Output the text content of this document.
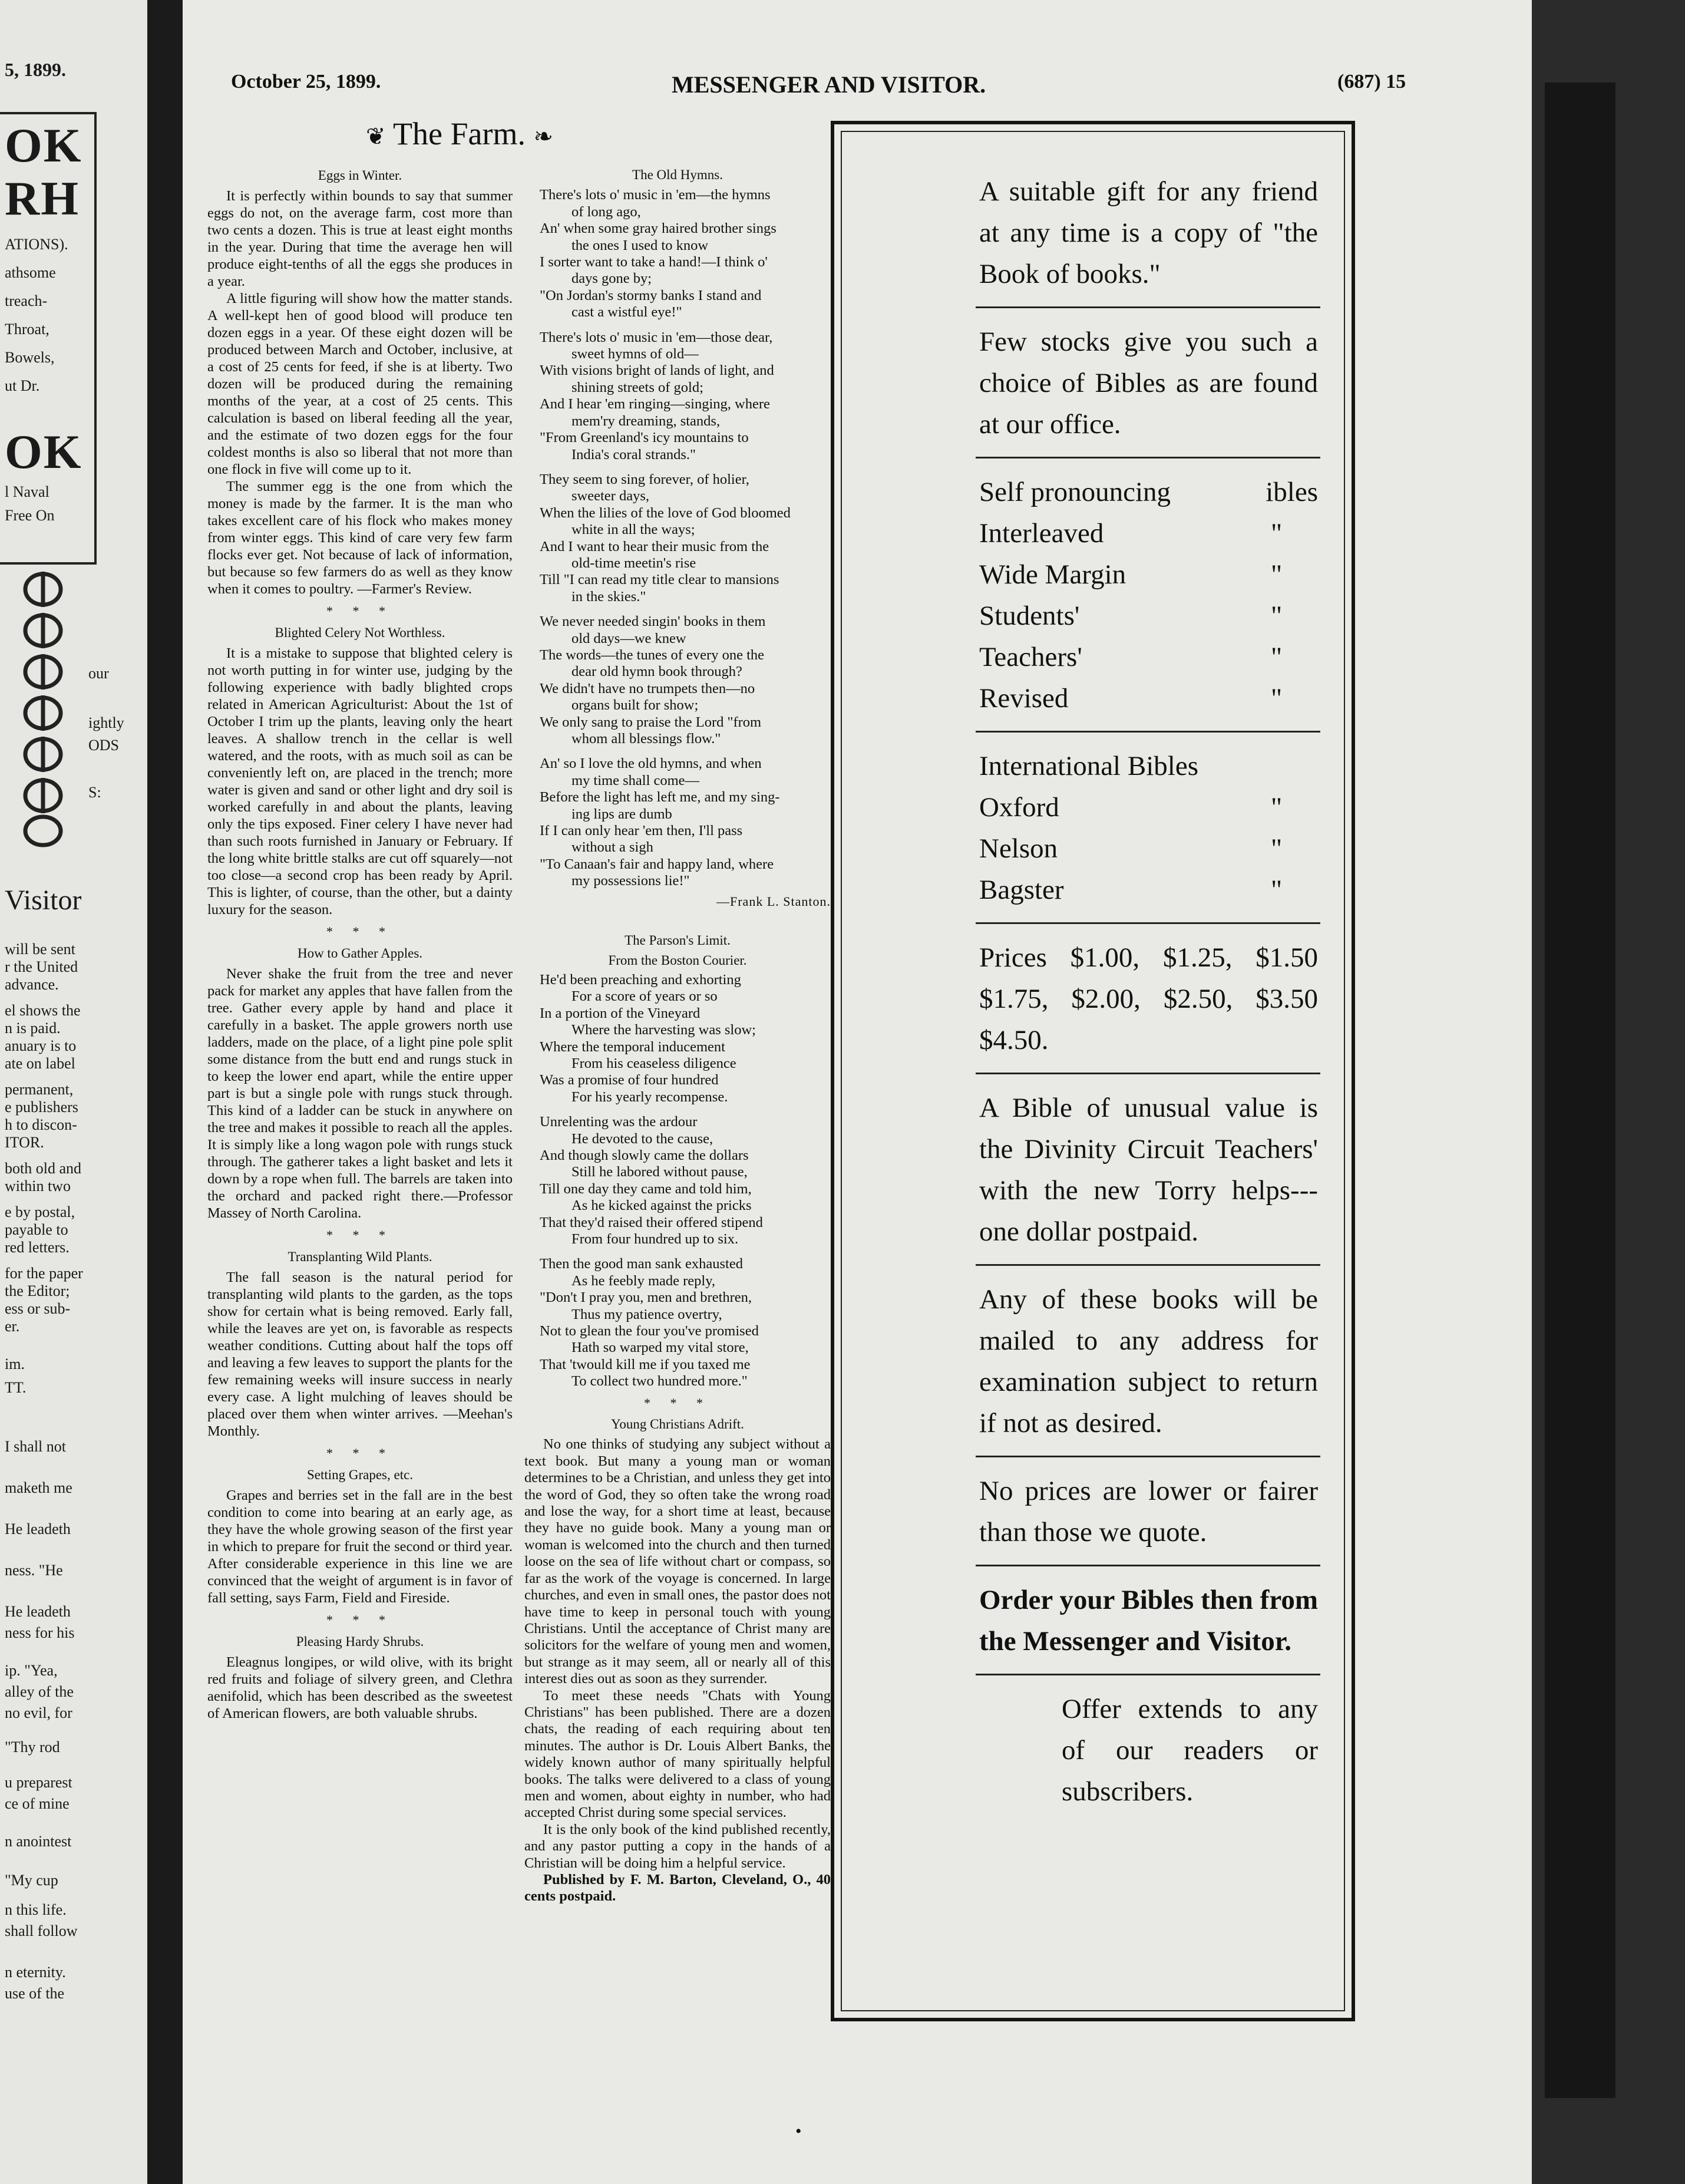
5, 1899.
OK
RH
ATIONS).
athsome
treach-
Throat,
Bowels,
ut Dr.
OK
l Naval
Free On
our
ightly
ODS
S:
Visitor
will be sent
r the United
advance.
el shows the
n is paid.
anuary is to
ate on label
permanent,
e publishers
h to discon-
ITOR.
both old and
within two
e by postal,
payable to
red letters.
for the paper
the Editor;
ess or sub-
er.
im.
TT.
I shall not
maketh me
He leadeth
ness. "He
He leadeth
ness for his
ip. "Yea,
alley of the
no evil, for
"Thy rod
u preparest
ce of mine
n anointest
"My cup
n this life.
shall follow
n eternity.
use of the
October 25, 1899.	MESSENGER AND VISITOR.	(687) 15
❦ The Farm. ❧
Eggs in Winter.

It is perfectly within bounds to say that summer eggs do not, on the average farm, cost more than two cents a dozen. This is true at least eight months in the year. During that time the average hen will produce eight-tenths of all the eggs she produces in a year.

A little figuring will show how the matter stands. A well-kept hen of good blood will produce ten dozen eggs in a year. Of these eight dozen will be produced between March and October, inclusive, at a cost of 25 cents for feed, if she is at liberty. Two dozen will be produced during the remaining months of the year, at a cost of 25 cents. This calculation is based on liberal feeding all the year, and the estimate of two dozen eggs for the four coldest months is also so liberal that not more than one flock in five will come up to it.

The summer egg is the one from which the money is made by the farmer. It is the man who takes excellent care of his flock who makes money from winter eggs. This kind of care very few farm flocks ever get. Not because of lack of information, but because so few farmers do as well as they know when it comes to poultry. —Farmer's Review.

* * *
Blighted Celery Not Worthless.

It is a mistake to suppose that blighted celery is not worth putting in for winter use, judging by the following experience with badly blighted crops related in American Agriculturist: About the 1st of October I trim up the plants, leaving only the heart leaves. A shallow trench in the cellar is well watered, and the roots, with as much soil as can be conveniently left on, are placed in the trench; more water is given and sand or other light and dry soil is worked carefully in and about the plants, leaving only the tips exposed. Finer celery I have never had than such roots furnished in January or February. If the long white brittle stalks are cut off squarely—not too close—a second crop has been ready by April. This is lighter, of course, than the other, but a dainty luxury for the season.

* * *
How to Gather Apples.

Never shake the fruit from the tree and never pack for market any apples that have fallen from the tree. Gather every apple by hand and place it carefully in a basket. The apple growers north use ladders, made on the place, of a light pine pole split some distance from the butt end and rungs stuck in to keep the lower end apart, while the entire upper part is but a single pole with rungs stuck through. This kind of a ladder can be stuck in anywhere on the tree and makes it possible to reach all the apples. It is simply like a long wagon pole with rungs stuck through. The gatherer takes a light basket and lets it down by a rope when full. The barrels are taken into the orchard and packed right there.—Professor Massey of North Carolina.

* * *
Transplanting Wild Plants.

The fall season is the natural period for transplanting wild plants to the garden, as the tops show for certain what is being removed. Early fall, while the leaves are yet on, is favorable as respects weather conditions. Cutting about half the tops off and leaving a few leaves to support the plants for the few remaining weeks will insure success in nearly every case. A light mulching of leaves should be placed over them when winter arrives. —Meehan's Monthly.

* * *
Setting Grapes, etc.

Grapes and berries set in the fall are in the best condition to come into bearing at an early age, as they have the whole growing season of the first year in which to prepare for fruit the second or third year. After considerable experience in this line we are convinced that the weight of argument is in favor of fall setting, says Farm, Field and Fireside.

* * *
Pleasing Hardy Shrubs.

Eleagnus longipes, or wild olive, with its bright red fruits and foliage of silvery green, and Clethra aenifolid, which has been described as the sweetest of American flowers, are both valuable shrubs.

The Old Hymns.
There's lots o' music in 'em—the hymns
of long ago,
An' when some gray haired brother sings
the ones I used to know
I sorter want to take a hand!—I think o'
days gone by;
"On Jordan's stormy banks I stand and
cast a wistful eye!"
There's lots o' music in 'em—those dear,
sweet hymns of old—
With visions bright of lands of light, and
shining streets of gold;
And I hear 'em ringing—singing, where
mem'ry dreaming, stands,
"From Greenland's icy mountains to
India's coral strands."
They seem to sing forever, of holier,
sweeter days,
When the lilies of the love of God bloomed
white in all the ways;
And I want to hear their music from the
old-time meetin's rise
Till "I can read my title clear to mansions
in the skies."
We never needed singin' books in them
old days—we knew
The words—the tunes of every one the
dear old hymn book through?
We didn't have no trumpets then—no
organs built for show;
We only sang to praise the Lord "from
whom all blessings flow."
An' so I love the old hymns, and when
my time shall come—
Before the light has left me, and my sing-
ing lips are dumb
If I can only hear 'em then, I'll pass
without a sigh
"To Canaan's fair and happy land, where
my possessions lie!"
—Frank L. Stanton.
The Parson's Limit.
From the Boston Courier.
He'd been preaching and exhorting
For a score of years or so
In a portion of the Vineyard
Where the harvesting was slow;
Where the temporal inducement
From his ceaseless diligence
Was a promise of four hundred
For his yearly recompense.
Unrelenting was the ardour
He devoted to the cause,
And though slowly came the dollars
Still he labored without pause,
Till one day they came and told him,
As he kicked against the pricks
That they'd raised their offered stipend
From four hundred up to six.
Then the good man sank exhausted
As he feebly made reply,
"Don't I pray you, men and brethren,
Thus my patience overtry,
Not to glean the four you've promised
Hath so warped my vital store,
That 'twould kill me if you taxed me
To collect two hundred more."
* * *
Young Christians Adrift.

No one thinks of studying any subject without a text book. But many a young man or woman determines to be a Christian, and unless they get into the word of God, they so often take the wrong road and lose the way, for a short time at least, because they have no guide book. Many a young man or woman is welcomed into the church and then turned loose on the sea of life without chart or compass, so far as the work of the voyage is concerned. In large churches, and even in small ones, the pastor does not have time to keep in personal touch with young Christians. Until the acceptance of Christ many are solicitors for the welfare of young men and women, but strange as it may seem, all or nearly all of this interest dies out as soon as they surrender.

To meet these needs "Chats with Young Christians" has been published. There are a dozen chats, the reading of each requiring about ten minutes. The author is Dr. Louis Albert Banks, the widely known author of many spiritually helpful books. The talks were delivered to a class of young men and women, about eighty in number, who had accepted Christ during some special services.

It is the only book of the kind published recently, and any pastor putting a copy in the hands of a Christian will be doing him a helpful service.

Published by F. M. Barton, Cleveland, O., 40 cents postpaid.

A suitable gift for any friend at any time is a copy of "the Book of books."
Few stocks give you such a choice of Bibles as are found at our office.
Self pronouncing	ibles
Interleaved	"
Wide Margin	"
Students'	"
Teachers'	"
Revised	"
International Bibles
Oxford	"
Nelson	"
Bagster	"
Prices $1.00, $1.25, $1.50 $1.75, $2.00, $2.50, $3.50 $4.50.
A Bible of unusual value is the Divinity Circuit Teachers' with the new Torry helps---one dollar postpaid.
Any of these books will be mailed to any address for examination subject to return if not as desired.
No prices are lower or fairer than those we quote.
Order your Bibles then from the Messenger and Visitor.
Offer extends to any of our readers or subscribers.
•
